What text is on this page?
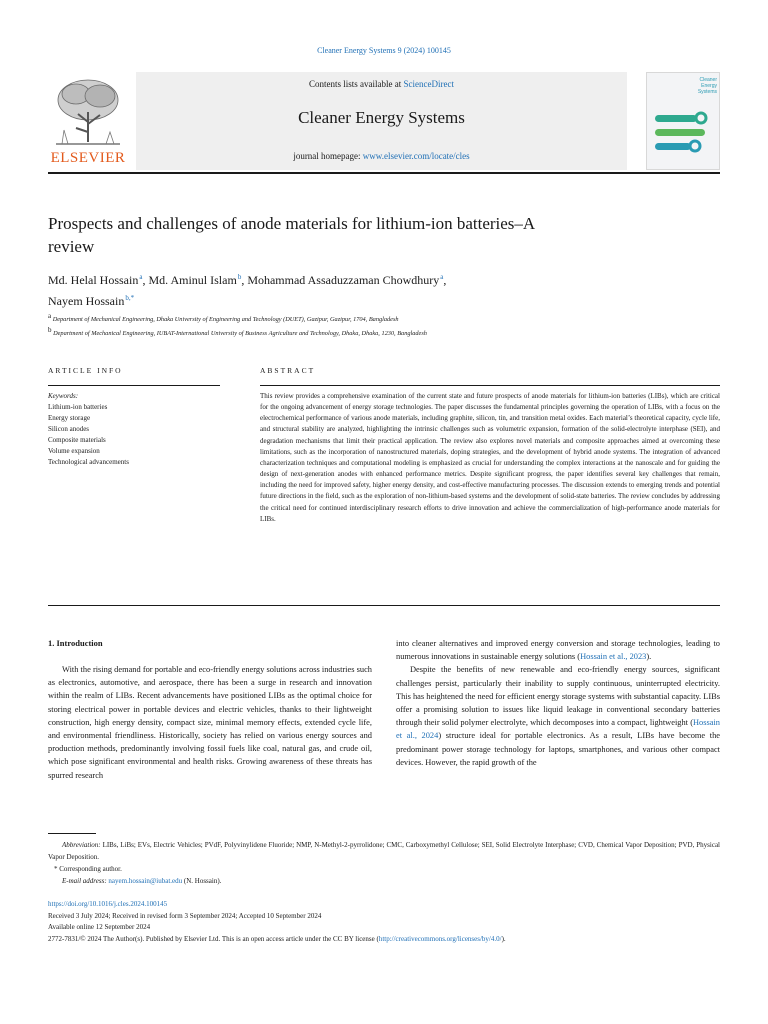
Cleaner Energy Systems 9 (2024) 100145
ELSEVIER
Contents lists available at ScienceDirect
Cleaner Energy Systems
journal homepage: www.elsevier.com/locate/cles
Cleaner
Energy
Systems
Prospects and challenges of anode materials for lithium-ion batteries–A review
Md. Helal Hossain $^a$, Md. Aminul Islam $^b$, Mohammad Assaduzzaman Chowdhury $^a$,
Nayem Hossain $^{b,*}$
$^a$ Department of Mechanical Engineering, Dhaka University of Engineering and Technology (DUET), Gazipur, Gazipur, 1704, Bangladesh
$^b$ Department of Mechanical Engineering, IUBAT-International University of Business Agriculture and Technology, Dhaka, Dhaka, 1230, Bangladesh
ARTICLE INFO
Keywords:
Lithium-ion batteries
Energy storage
Silicon anodes
Composite materials
Volume expansion
Technological advancements
ABSTRACT
This review provides a comprehensive examination of the current state and future prospects of anode materials for lithium-ion batteries (LIBs), which are critical for the ongoing advancement of energy storage technologies. The paper discusses the fundamental principles governing the operation of LIBs, with a focus on the electrochemical performance of various anode materials, including graphite, silicon, tin, and transition metal oxides. Each material’s theoretical capacity, cycle life, and structural stability are analyzed, highlighting the intrinsic challenges such as volumetric expansion, formation of the solid-electrolyte interphase (SEI), and degradation mechanisms that limit their practical application. The review also explores novel materials and composite approaches aimed at overcoming these limitations, such as the incorporation of nanostructured materials, doping strategies, and the development of hybrid anode systems. The integration of advanced characterization techniques and computational modeling is emphasized as crucial for understanding the complex interactions at the nanoscale and for guiding the design of next-generation anodes with enhanced performance metrics. Despite significant progress, the paper identifies several key challenges that remain, including the need for improved safety, higher energy density, and cost-effective manufacturing processes. The discussion extends to emerging trends and potential future directions in the field, such as the exploration of non-lithium-based systems and the development of solid-state batteries. The review concludes by addressing the critical need for continued interdisciplinary research efforts to drive innovation and achieve the commercialization of high-performance anode materials for LIBs.
1. Introduction

With the rising demand for portable and eco-friendly energy solutions across industries such as electronics, automotive, and aerospace, there has been a surge in research and innovation within the realm of LIBs. Recent advancements have positioned LIBs as the optimal choice for storing electrical power in portable devices and electric vehicles, thanks to their lightweight construction, high energy density, compact size, minimal memory effects, extended cycle life, and environmental friendliness. Historically, society has relied on various energy sources and production methods, predominantly involving fossil fuels like coal, natural gas, and crude oil, which pose significant environmental and health risks. Growing awareness of these threats has spurred research

into cleaner alternatives and improved energy conversion and storage technologies, leading to numerous innovations in sustainable energy solutions (Hossain et al., 2023).

Despite the benefits of new renewable and eco-friendly energy sources, significant challenges persist, particularly their inability to supply continuous, uninterrupted electricity. This has heightened the need for efficient energy storage systems with substantial capacity. LIBs offer a promising solution to issues like liquid leakage in conventional secondary batteries through their solid polymer electrolyte, which decomposes into a compact, lightweight (Hossain et al., 2024) structure ideal for portable electronics. As a result, LIBs have become the predominant power storage technology for laptops, smartphones, and various other compact devices. However, the rapid growth of the

Abbreviation: LIBs, LiBs; EVs, Electric Vehicles; PVdF, Polyvinylidene Fluoride; NMP, N-Methyl-2-pyrrolidone; CMC, Carboxymethyl Cellulose; SEI, Solid Electrolyte Interphase; CVD, Chemical Vapor Deposition; PVD, Physical Vapor Deposition.
* Corresponding author.
E-mail address: nayem.hossain@iubat.edu (N. Hossain).
https://doi.org/10.1016/j.cles.2024.100145
Received 3 July 2024; Received in revised form 3 September 2024; Accepted 10 September 2024
Available online 12 September 2024
2772-7831/© 2024 The Author(s). Published by Elsevier Ltd. This is an open access article under the CC BY license (http://creativecommons.org/licenses/by/4.0/).
